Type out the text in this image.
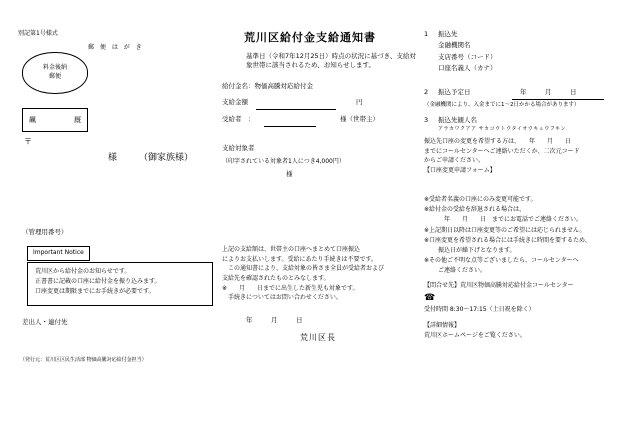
別記第1号様式
郵 便 は が き
料金後納
郵便
飆	厩
〒
様 （御家族様）
（管理用番号）
Important Notice

荒川区から給付金のお知らせです。

正書書に記載の口座に給付金を振り込みます。

口座変更は期限までにお手続きが必要です。

差出人・連付先
（発行元：荒川区区民生活部 物価高騰対応給付金担当）
荒川区給付金支給通知書
基準日（令和7年12月25日）時点の状況に基づき、支給対象世帯に該当されるため、お知らせします。
給付金名：物価高騰対応給付金
支給金額	円
受給者　：	様（世帯主）
支給対象者
（印字されている対象者1人につき4,000円）
様

上記の支給額は、世帯主の口座へまとめて口座振込

によりお支払いします。受給にあたり手続きは不要です。

　この通知書により、支給対象の皆さま全員が受給者および

支給先を確認されたものとみなします。

※　　月　　日までに出生した新生児も対象です。

　手続きについてはお問い合わせください。

年　月　日
荒川区長
1 振込先
金融機関名
支店番号（コード）
口座名義人（カナ）
2 振込予定日	年　月　日
（金融機関により、入金までに1～2日かかる場合があります）
3 振込先観人名
アラカワクアア サカコウトウタイオウキュウフキン

振込先口座の変更を希望する方は、　　年　　月　　日

までにコールセンターへご連絡いただくか、二次元コード

からご申請ください。

【口座変更申請フォーム】

※受給者名義の口座にのみ変更可能です。

※給付金の受給を辞退される場合は、

　　年　　月　　日　までにお電話でご連絡ください。

※上記期日以降は口座変更等のご希望には応じられません。

※口座変更を希望される場合には手続きに時間を要するため、

　振込日が繰下げとなります。

※その他ご不明な点等ございましたら、コールセンターへ

　ご連絡ください。

【問合せ先】荒川区物価高騰対応給付金コールセンター

☎

受付時間 8:30～17:15（土日祝を除く）

【詳細情報】

荒川区ホームページをご覧ください。
